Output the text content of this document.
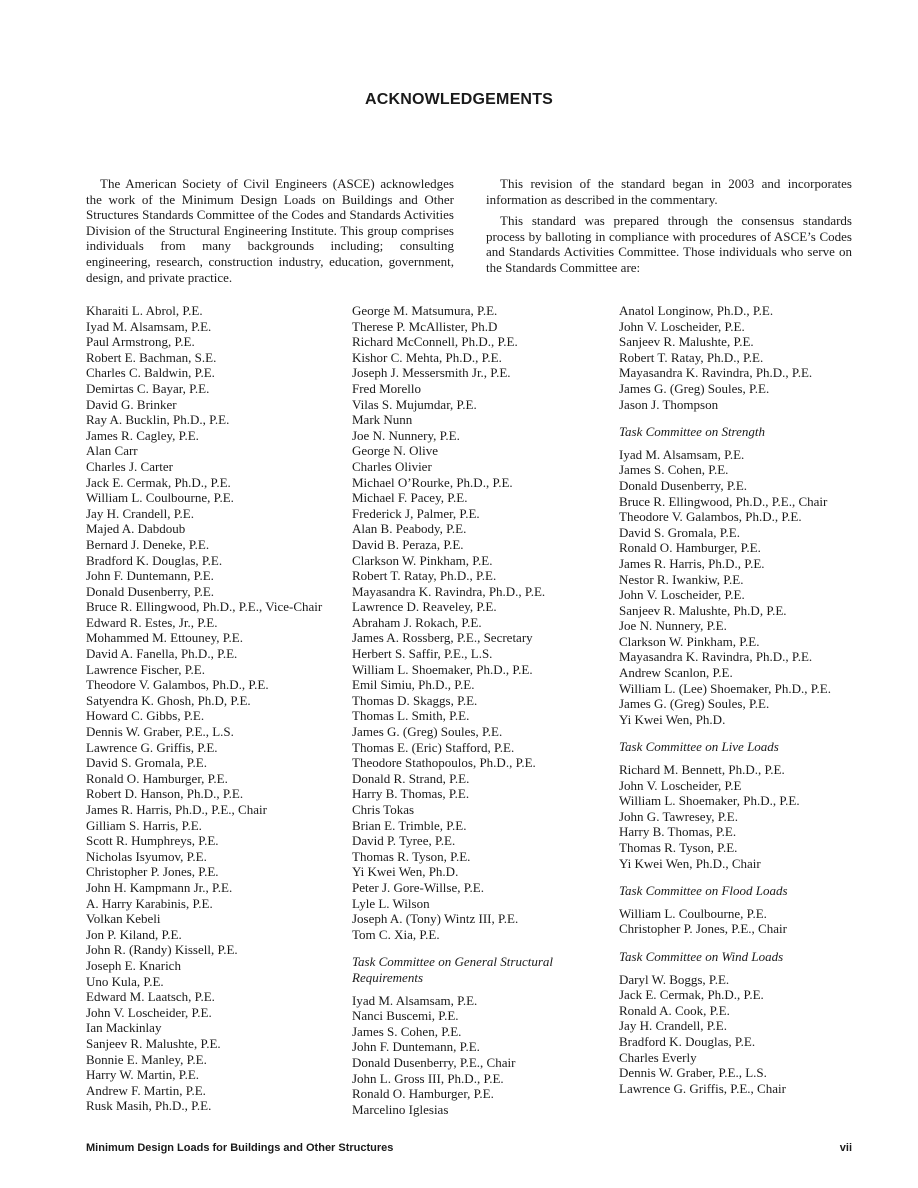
ACKNOWLEDGEMENTS

The American Society of Civil Engineers (ASCE) acknowledges the work of the Minimum Design Loads on Buildings and Other Structures Standards Committee of the Codes and Standards Activities Division of the Structural Engineering Institute. This group comprises individuals from many backgrounds including; consulting engineering, research, construction industry, education, government, design, and private practice.

This revision of the standard began in 2003 and incorporates information as described in the commentary.

This standard was prepared through the consensus standards process by balloting in compliance with procedures of ASCE’s Codes and Standards Activities Committee. Those individuals who serve on the Standards Committee are:

Kharaiti L. Abrol, P.E.
Iyad M. Alsamsam, P.E.
Paul Armstrong, P.E.
Robert E. Bachman, S.E.
Charles C. Baldwin, P.E.
Demirtas C. Bayar, P.E.
David G. Brinker
Ray A. Bucklin, Ph.D., P.E.
James R. Cagley, P.E.
Alan Carr
Charles J. Carter
Jack E. Cermak, Ph.D., P.E.
William L. Coulbourne, P.E.
Jay H. Crandell, P.E.
Majed A. Dabdoub
Bernard J. Deneke, P.E.
Bradford K. Douglas, P.E.
John F. Duntemann, P.E.
Donald Dusenberry, P.E.
Bruce R. Ellingwood, Ph.D., P.E., Vice-Chair
Edward R. Estes, Jr., P.E.
Mohammed M. Ettouney, P.E.
David A. Fanella, Ph.D., P.E.
Lawrence Fischer, P.E.
Theodore V. Galambos, Ph.D., P.E.
Satyendra K. Ghosh, Ph.D, P.E.
Howard C. Gibbs, P.E.
Dennis W. Graber, P.E., L.S.
Lawrence G. Griffis, P.E.
David S. Gromala, P.E.
Ronald O. Hamburger, P.E.
Robert D. Hanson, Ph.D., P.E.
James R. Harris, Ph.D., P.E., Chair
Gilliam S. Harris, P.E.
Scott R. Humphreys, P.E.
Nicholas Isyumov, P.E.
Christopher P. Jones, P.E.
John H. Kampmann Jr., P.E.
A. Harry Karabinis, P.E.
Volkan Kebeli
Jon P. Kiland, P.E.
John R. (Randy) Kissell, P.E.
Joseph E. Knarich
Uno Kula, P.E.
Edward M. Laatsch, P.E.
John V. Loscheider, P.E.
Ian Mackinlay
Sanjeev R. Malushte, P.E.
Bonnie E. Manley, P.E.
Harry W. Martin, P.E.
Andrew F. Martin, P.E.
Rusk Masih, Ph.D., P.E.
George M. Matsumura, P.E.
Therese P. McAllister, Ph.D
Richard McConnell, Ph.D., P.E.
Kishor C. Mehta, Ph.D., P.E.
Joseph J. Messersmith Jr., P.E.
Fred Morello
Vilas S. Mujumdar, P.E.
Mark Nunn
Joe N. Nunnery, P.E.
George N. Olive
Charles Olivier
Michael O’Rourke, Ph.D., P.E.
Michael F. Pacey, P.E.
Frederick J, Palmer, P.E.
Alan B. Peabody, P.E.
David B. Peraza, P.E.
Clarkson W. Pinkham, P.E.
Robert T. Ratay, Ph.D., P.E.
Mayasandra K. Ravindra, Ph.D., P.E.
Lawrence D. Reaveley, P.E.
Abraham J. Rokach, P.E.
James A. Rossberg, P.E., Secretary
Herbert S. Saffir, P.E., L.S.
William L. Shoemaker, Ph.D., P.E.
Emil Simiu, Ph.D., P.E.
Thomas D. Skaggs, P.E.
Thomas L. Smith, P.E.
James G. (Greg) Soules, P.E.
Thomas E. (Eric) Stafford, P.E.
Theodore Stathopoulos, Ph.D., P.E.
Donald R. Strand, P.E.
Harry B. Thomas, P.E.
Chris Tokas
Brian E. Trimble, P.E.
David P. Tyree, P.E.
Thomas R. Tyson, P.E.
Yi Kwei Wen, Ph.D.
Peter J. Gore-Willse, P.E.
Lyle L. Wilson
Joseph A. (Tony) Wintz III, P.E.
Tom C. Xia, P.E.
Task Committee on General Structural
Requirements
Iyad M. Alsamsam, P.E.
Nanci Buscemi, P.E.
James S. Cohen, P.E.
John F. Duntemann, P.E.
Donald Dusenberry, P.E., Chair
John L. Gross III, Ph.D., P.E.
Ronald O. Hamburger, P.E.
Marcelino Iglesias
Anatol Longinow, Ph.D., P.E.
John V. Loscheider, P.E.
Sanjeev R. Malushte, P.E.
Robert T. Ratay, Ph.D., P.E.
Mayasandra K. Ravindra, Ph.D., P.E.
James G. (Greg) Soules, P.E.
Jason J. Thompson
Task Committee on Strength
Iyad M. Alsamsam, P.E.
James S. Cohen, P.E.
Donald Dusenberry, P.E.
Bruce R. Ellingwood, Ph.D., P.E., Chair
Theodore V. Galambos, Ph.D., P.E.
David S. Gromala, P.E.
Ronald O. Hamburger, P.E.
James R. Harris, Ph.D., P.E.
Nestor R. Iwankiw, P.E.
John V. Loscheider, P.E.
Sanjeev R. Malushte, Ph.D, P.E.
Joe N. Nunnery, P.E.
Clarkson W. Pinkham, P.E.
Mayasandra K. Ravindra, Ph.D., P.E.
Andrew Scanlon, P.E.
William L. (Lee) Shoemaker, Ph.D., P.E.
James G. (Greg) Soules, P.E.
Yi Kwei Wen, Ph.D.
Task Committee on Live Loads
Richard M. Bennett, Ph.D., P.E.
John V. Loscheider, P.E
William L. Shoemaker, Ph.D., P.E.
John G. Tawresey, P.E.
Harry B. Thomas, P.E.
Thomas R. Tyson, P.E.
Yi Kwei Wen, Ph.D., Chair
Task Committee on Flood Loads
William L. Coulbourne, P.E.
Christopher P. Jones, P.E., Chair
Task Committee on Wind Loads
Daryl W. Boggs, P.E.
Jack E. Cermak, Ph.D., P.E.
Ronald A. Cook, P.E.
Jay H. Crandell, P.E.
Bradford K. Douglas, P.E.
Charles Everly
Dennis W. Graber, P.E., L.S.
Lawrence G. Griffis, P.E., Chair
Minimum Design Loads for Buildings and Other Structures	vii
